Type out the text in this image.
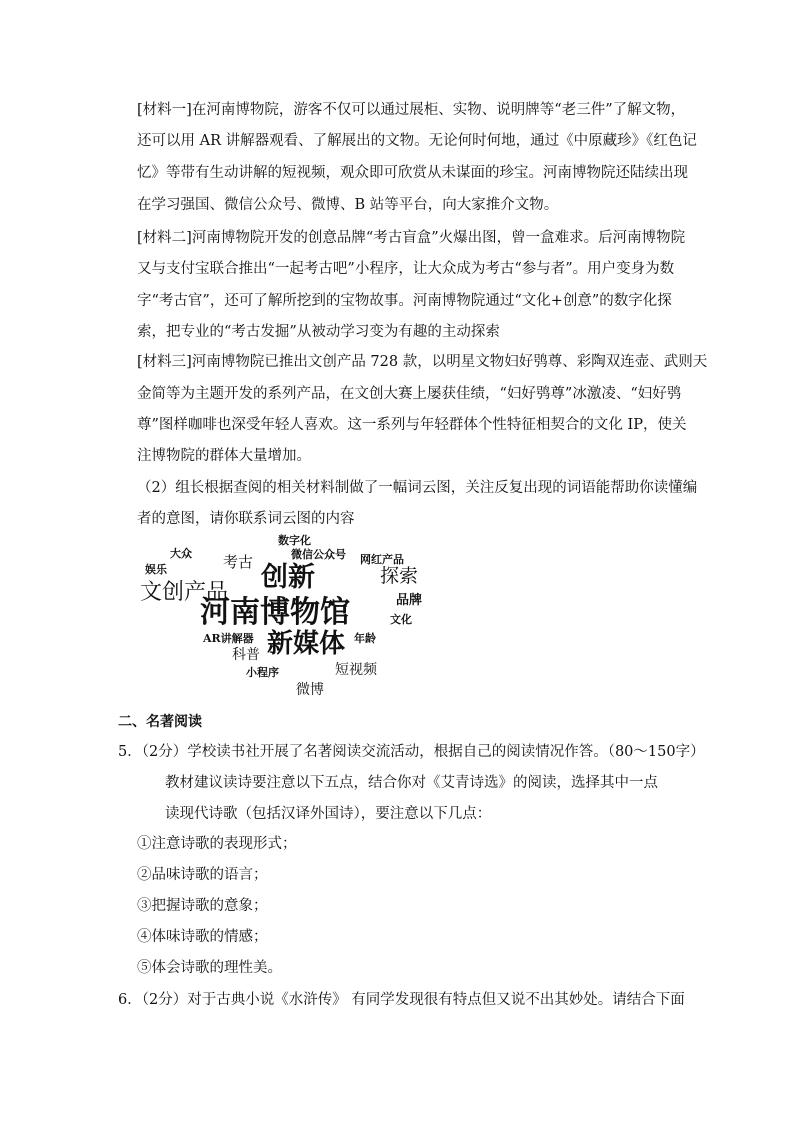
[材料一]在河南博物院，游客不仅可以通过展柜、实物、说明牌等“老三件”了解文物，
还可以用 AR 讲解器观看、了解展出的文物。无论何时何地，通过《中原藏珍》《红色记
忆》等带有生动讲解的短视频，观众即可欣赏从未谋面的珍宝。河南博物院还陆续出现
在学习强国、微信公众号、微博、B 站等平台，向大家推介文物。
[材料二]河南博物院开发的创意品牌“考古盲盒”火爆出图，曾一盒难求。后河南博物院
又与支付宝联合推出“一起考古吧”小程序，让大众成为考古“参与者”。用户变身为数
字“考古官”，还可了解所挖到的宝物故事。河南博物院通过“文化+创意”的数字化探
索，把专业的“考古发掘”从被动学习变为有趣的主动探索
[材料三]河南博物院已推出文创产品 728 款，以明星文物妇好鸮尊、彩陶双连壶、武则天
金简等为主题开发的系列产品，在文创大赛上屡获佳绩，“妇好鸮尊”冰激凌、“妇好鸮
尊”图样咖啡也深受年轻人喜欢。这一系列与年轻群体个性特征相契合的文化 IP，使关
注博物院的群体大量增加。
（2）组长根据查阅的相关材料制做了一幅词云图，关注反复出现的词语能帮助你读懂编
者的意图，请你联系词云图的内容
数字化
大众	微信公众号
考古	网红产品
娱乐	创新	探索
文创产品	品牌
河南博物馆	文化
AR讲解器 新媒体 年龄
科普
小程序	短视频
微博
二、名著阅读
5．（2分）学校读书社开展了名著阅读交流活动，根据自己的阅读情况作答。（80～150字）
教材建议读诗要注意以下五点，结合你对《艾青诗选》的阅读，选择其中一点
读现代诗歌（包括汉译外国诗），要注意以下几点：
①注意诗歌的表现形式；
②品味诗歌的语言；
③把握诗歌的意象；
④体味诗歌的情感；
⑤体会诗歌的理性美。
6．（2分）对于古典小说《水浒传》 有同学发现很有特点但又说不出其妙处。请结合下面
